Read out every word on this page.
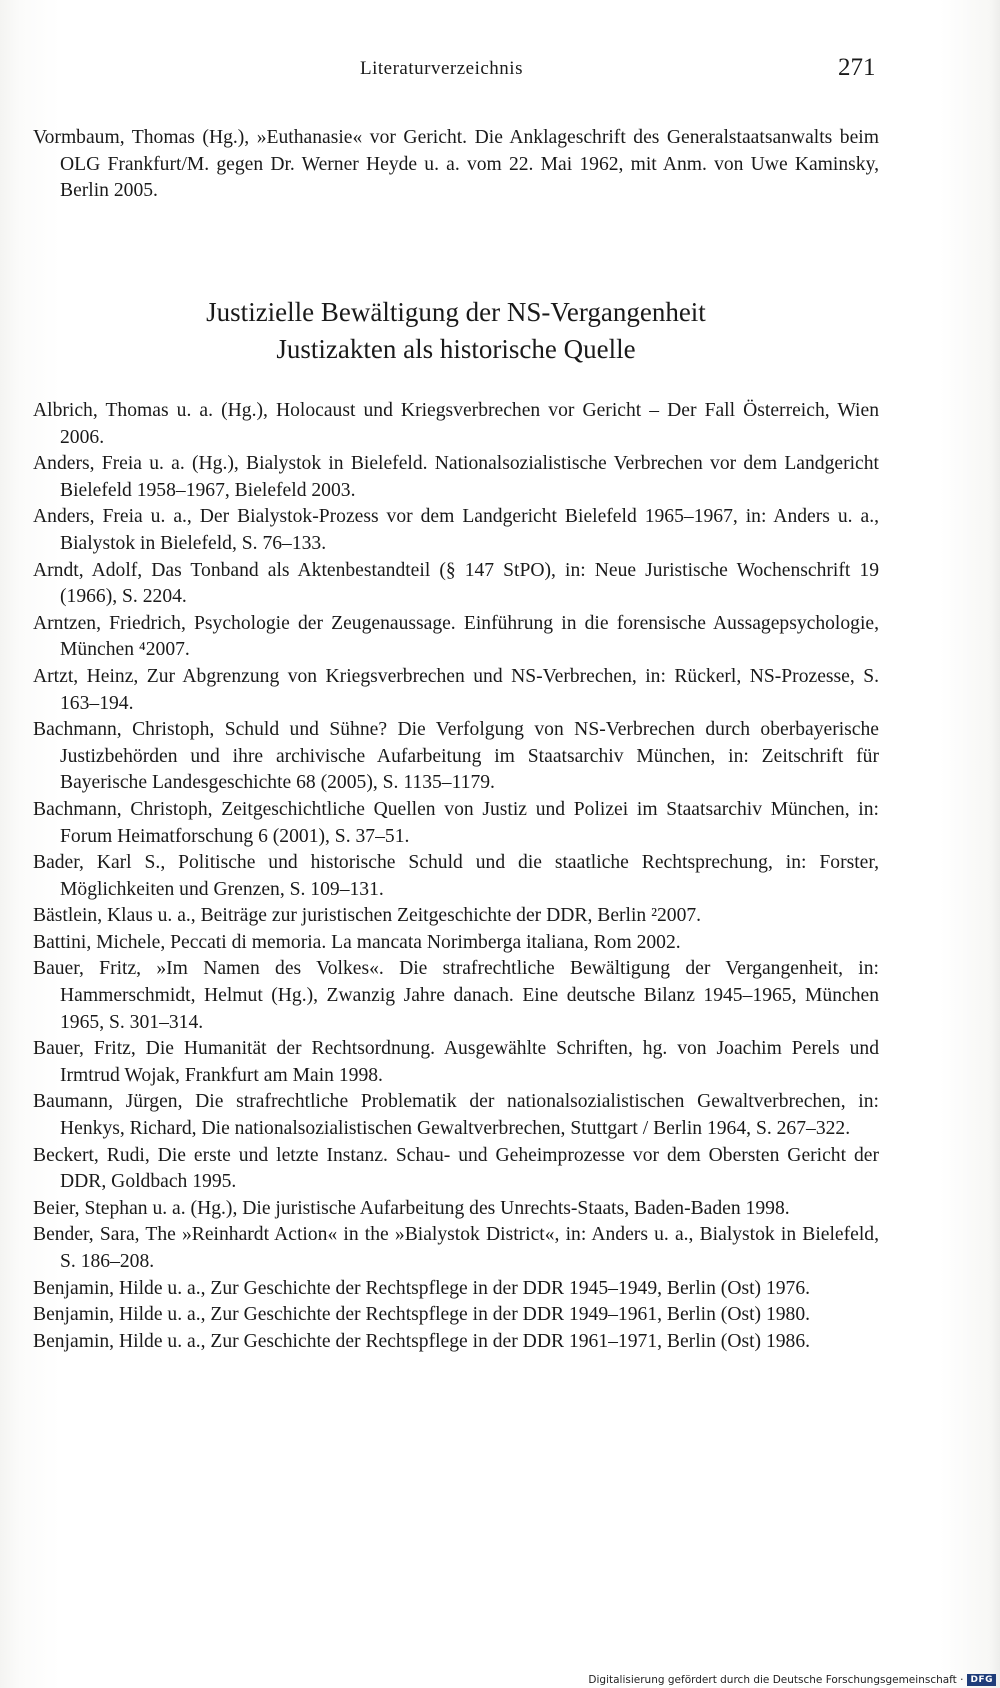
Literaturverzeichnis	271
Vormbaum, Thomas (Hg.), »Euthanasie« vor Gericht. Die Anklageschrift des Generalstaatsanwalts beim OLG Frankfurt/M. gegen Dr. Werner Heyde u. a. vom 22. Mai 1962, mit Anm. von Uwe Kaminsky, Berlin 2005.
Justizielle Bewältigung der NS-Vergangenheit
Justizakten als historische Quelle
Albrich, Thomas u. a. (Hg.), Holocaust und Kriegsverbrechen vor Gericht – Der Fall Österreich, Wien 2006.
Anders, Freia u. a. (Hg.), Bialystok in Bielefeld. Nationalsozialistische Verbrechen vor dem Landgericht Bielefeld 1958–1967, Bielefeld 2003.
Anders, Freia u. a., Der Bialystok-Prozess vor dem Landgericht Bielefeld 1965–1967, in: Anders u. a., Bialystok in Bielefeld, S. 76–133.
Arndt, Adolf, Das Tonband als Aktenbestandteil (§ 147 StPO), in: Neue Juristische Wochenschrift 19 (1966), S. 2204.
Arntzen, Friedrich, Psychologie der Zeugenaussage. Einführung in die forensische Aussagepsychologie, München ⁴2007.
Artzt, Heinz, Zur Abgrenzung von Kriegsverbrechen und NS-Verbrechen, in: Rückerl, NS-Prozesse, S. 163–194.
Bachmann, Christoph, Schuld und Sühne? Die Verfolgung von NS-Verbrechen durch oberbayerische Justizbehörden und ihre archivische Aufarbeitung im Staatsarchiv München, in: Zeitschrift für Bayerische Landesgeschichte 68 (2005), S. 1135–1179.
Bachmann, Christoph, Zeitgeschichtliche Quellen von Justiz und Polizei im Staatsarchiv München, in: Forum Heimatforschung 6 (2001), S. 37–51.
Bader, Karl S., Politische und historische Schuld und die staatliche Rechtsprechung, in: Forster, Möglichkeiten und Grenzen, S. 109–131.
Bästlein, Klaus u. a., Beiträge zur juristischen Zeitgeschichte der DDR, Berlin ²2007.
Battini, Michele, Peccati di memoria. La mancata Norimberga italiana, Rom 2002.
Bauer, Fritz, »Im Namen des Volkes«. Die strafrechtliche Bewältigung der Vergangenheit, in: Hammerschmidt, Helmut (Hg.), Zwanzig Jahre danach. Eine deutsche Bilanz 1945–1965, München 1965, S. 301–314.
Bauer, Fritz, Die Humanität der Rechtsordnung. Ausgewählte Schriften, hg. von Joachim Perels und Irmtrud Wojak, Frankfurt am Main 1998.
Baumann, Jürgen, Die strafrechtliche Problematik der nationalsozialistischen Gewaltverbrechen, in: Henkys, Richard, Die nationalsozialistischen Gewaltverbrechen, Stuttgart / Berlin 1964, S. 267–322.
Beckert, Rudi, Die erste und letzte Instanz. Schau- und Geheimprozesse vor dem Obersten Gericht der DDR, Goldbach 1995.
Beier, Stephan u. a. (Hg.), Die juristische Aufarbeitung des Unrechts-Staats, Baden-Baden 1998.
Bender, Sara, The »Reinhardt Action« in the »Bialystok District«, in: Anders u. a., Bialystok in Bielefeld, S. 186–208.
Benjamin, Hilde u. a., Zur Geschichte der Rechtspflege in der DDR 1945–1949, Berlin (Ost) 1976.
Benjamin, Hilde u. a., Zur Geschichte der Rechtspflege in der DDR 1949–1961, Berlin (Ost) 1980.
Benjamin, Hilde u. a., Zur Geschichte der Rechtspflege in der DDR 1961–1971, Berlin (Ost) 1986.
Digitalisierung gefördert durch die Deutsche Forschungsgemeinschaft · DFG
